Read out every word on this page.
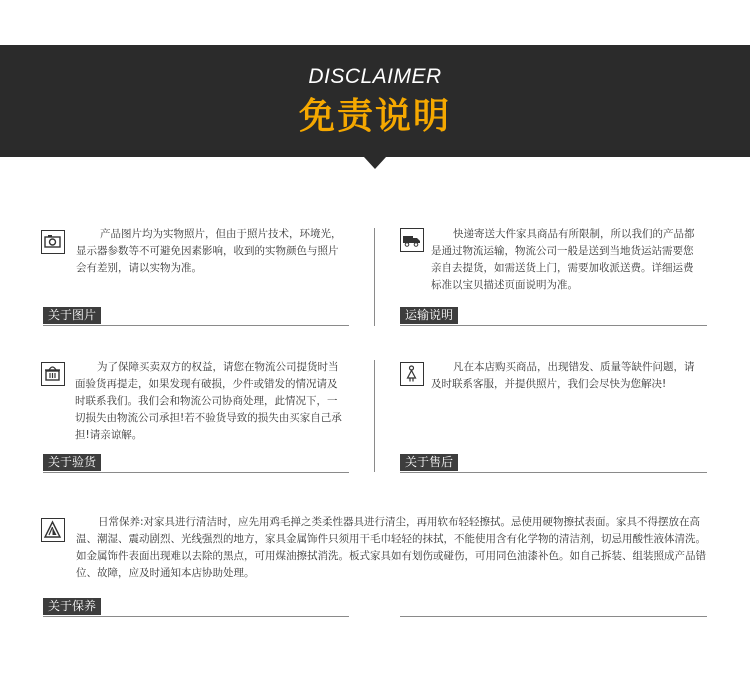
DISCLAIMER
免责说明
产品图片均为实物照片，但由于照片技术，环境光，显示器参数等不可避免因素影响，收到的实物颜色与照片会有差别，请以实物为准。
关于图片
快递寄送大件家具商品有所限制，所以我们的产品都是通过物流运输，物流公司一般是送到当地货运站需要您亲自去提货，如需送货上门，需要加收派送费。详细运费标准以宝贝描述页面说明为准。
运输说明
为了保障买卖双方的权益，请您在物流公司提货时当面验货再提走，如果发现有破损，少件或错发的情况请及时联系我们。我们会和物流公司协商处理，此情况下，一切损失由物流公司承担!若不验货导致的损失由买家自己承担!请亲谅解。
关于验货
凡在本店购买商品，出现错发、质量等缺件问题，请及时联系客服，并提供照片，我们会尽快为您解决!
关于售后
日常保养:对家具进行清洁时，应先用鸡毛掸之类柔性器具进行清尘，再用软布轻轻擦拭。忌使用硬物擦拭表面。家具不得摆放在高温、潮湿、震动剧烈、光线强烈的地方，家具金属饰件只须用干毛巾轻轻的抹拭，不能使用含有化学物的清洁剂，切忌用酸性液体清洗。如金属饰件表面出现难以去除的黑点，可用煤油擦拭消洗。板式家具如有划伤或碰伤，可用同色油漆补色。如自己拆装、组装照成产品错位、故障，应及时通知本店协助处理。
关于保养
